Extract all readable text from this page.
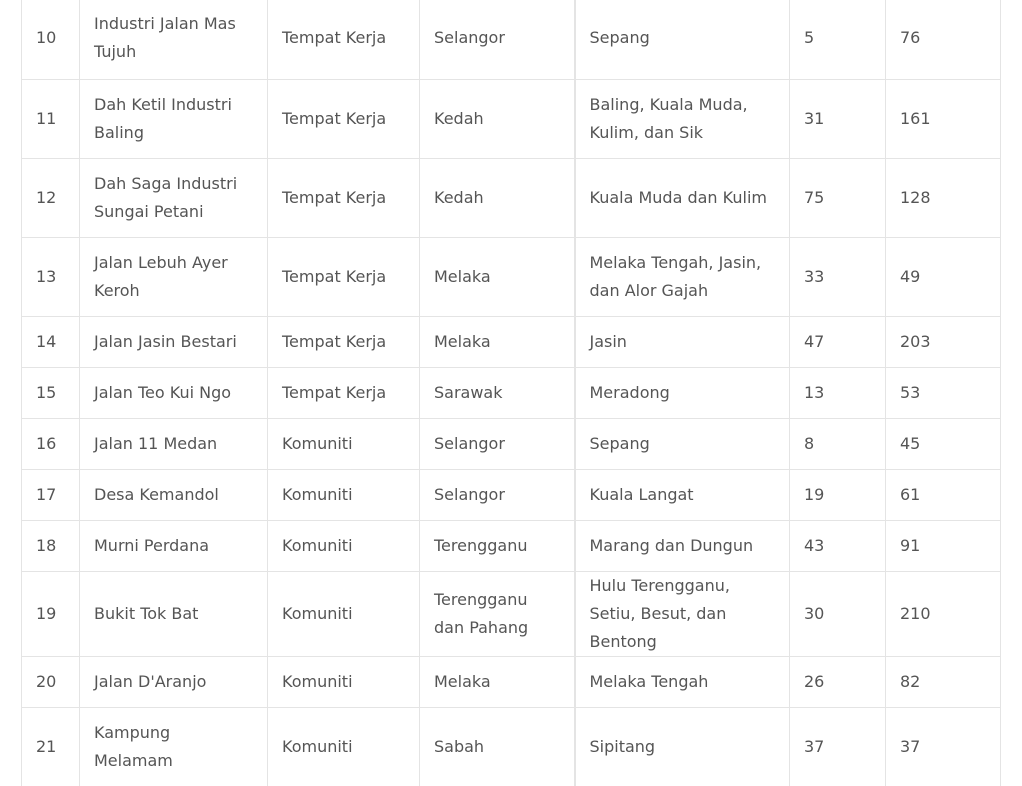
10	Industri Jalan Mas Tujuh	Tempat Kerja	Selangor	Sepang	5	76
11	Dah Ketil Industri Baling	Tempat Kerja	Kedah	Baling, Kuala Muda, Kulim, dan Sik	31	161
12	Dah Saga Industri Sungai Petani	Tempat Kerja	Kedah	Kuala Muda dan Kulim	75	128
13	Jalan Lebuh Ayer Keroh	Tempat Kerja	Melaka	Melaka Tengah, Jasin, dan Alor Gajah	33	49
14	Jalan Jasin Bestari	Tempat Kerja	Melaka	Jasin	47	203
15	Jalan Teo Kui Ngo	Tempat Kerja	Sarawak	Meradong	13	53
16	Jalan 11 Medan	Komuniti	Selangor	Sepang	8	45
17	Desa Kemandol	Komuniti	Selangor	Kuala Langat	19	61
18	Murni Perdana	Komuniti	Terengganu	Marang dan Dungun	43	91
19	Bukit Tok Bat	Komuniti	Terengganu dan Pahang	Hulu Terengganu, Setiu, Besut, dan Bentong	30	210
20	Jalan D'Aranjo	Komuniti	Melaka	Melaka Tengah	26	82
21	Kampung Melamam	Komuniti	Sabah	Sipitang	37	37
